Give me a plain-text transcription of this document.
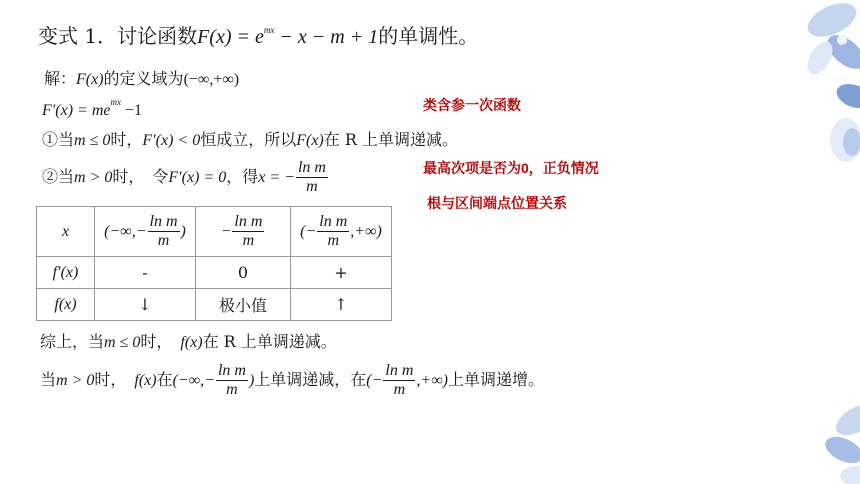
变式 1．讨论函数$F(x) = e^{mx} - x - m + 1$的单调性。
解：F(x)的定义域为(−∞,+∞)
$F'(x) = me^{mx} -1$
①当m ≤ 0时，F′(x) < 0恒成立，所以F(x)在 R 上单调递减。
②当m > 0时，　令F′(x) = 0，得x = − $\frac{\text{ln m}}{m}$
类含参一次函数
最高次项是否为0，正负情况
根与区间端点位置关系
x	(−∞,− $\frac{\text{ln m}}{m}$ )	− $\frac{\text{ln m}}{m}$	(− $\frac{\text{ln m}}{m}$ ,+∞)
f′(x)	-	0	+
f(x)	↓	极小值	↑
综上，当m ≤ 0时，　f(x)在 R 上单调递减。
当m > 0时，　f(x)在(−∞,− $\frac{\text{ln m}}{m}$ )上单调递减，在(− $\frac{\text{ln m}}{m}$ ,+∞)上单调递增。
